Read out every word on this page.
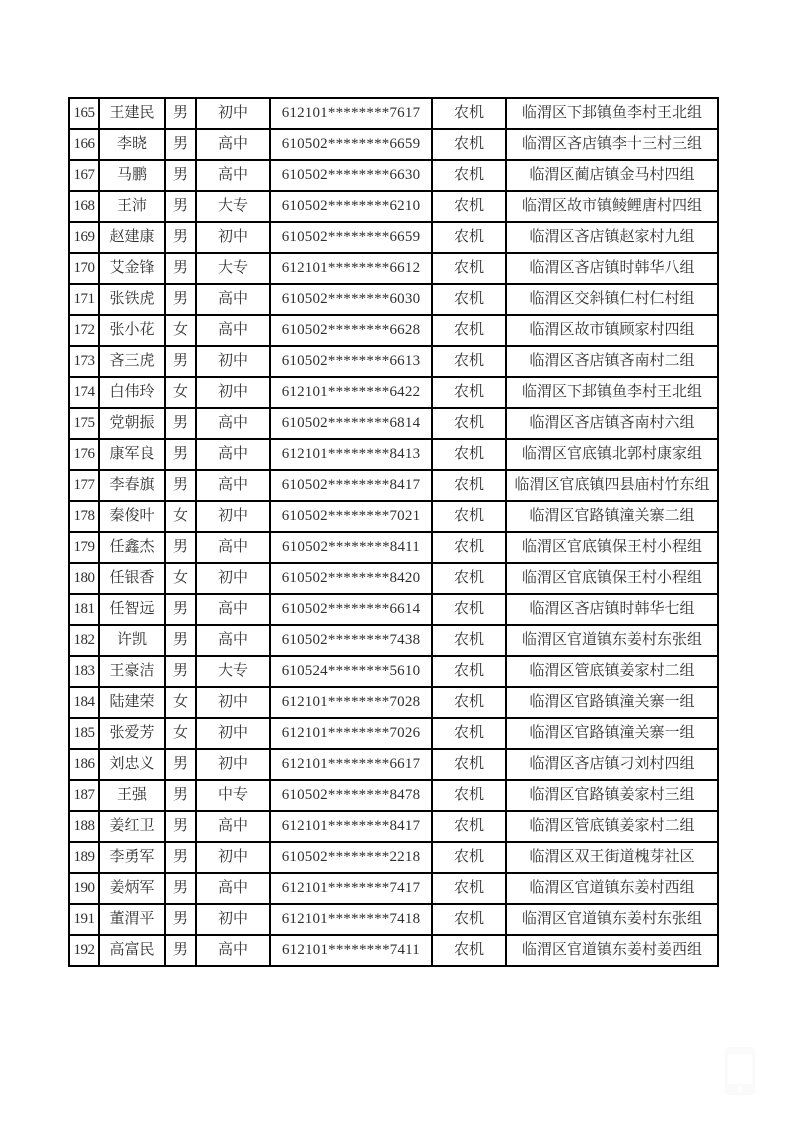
165	王建民	男	初中	612101********7617	农机	临渭区下邽镇鱼李村王北组
166	李晓	男	高中	610502********6659	农机	临渭区吝店镇李十三村三组
167	马鹏	男	高中	610502********6630	农机	临渭区蔺店镇金马村四组
168	王沛	男	大专	610502********6210	农机	临渭区故市镇鲮鲤唐村四组
169	赵建康	男	初中	610502********6659	农机	临渭区吝店镇赵家村九组
170	艾金锋	男	大专	612101********6612	农机	临渭区吝店镇时韩华八组
171	张铁虎	男	高中	610502********6030	农机	临渭区交斜镇仁村仁村组
172	张小花	女	高中	610502********6628	农机	临渭区故市镇顾家村四组
173	吝三虎	男	初中	610502********6613	农机	临渭区吝店镇吝南村二组
174	白伟玲	女	初中	612101********6422	农机	临渭区下邽镇鱼李村王北组
175	党朝振	男	高中	610502********6814	农机	临渭区吝店镇吝南村六组
176	康军良	男	高中	612101********8413	农机	临渭区官底镇北郭村康家组
177	李春旗	男	高中	610502********8417	农机	临渭区官底镇四县庙村竹东组
178	秦俊叶	女	初中	610502********7021	农机	临渭区官路镇潼关寨二组
179	任鑫杰	男	高中	610502********8411	农机	临渭区官底镇保王村小程组
180	任银香	女	初中	610502********8420	农机	临渭区官底镇保王村小程组
181	任智远	男	高中	610502********6614	农机	临渭区吝店镇时韩华七组
182	许凯	男	高中	610502********7438	农机	临渭区官道镇东姜村东张组
183	王豪洁	男	大专	610524********5610	农机	临渭区管底镇姜家村二组
184	陆建荣	女	初中	612101********7028	农机	临渭区官路镇潼关寨一组
185	张爱芳	女	初中	612101********7026	农机	临渭区官路镇潼关寨一组
186	刘忠义	男	初中	612101********6617	农机	临渭区吝店镇刁刘村四组
187	王强	男	中专	610502********8478	农机	临渭区官路镇姜家村三组
188	姜红卫	男	高中	612101********8417	农机	临渭区管底镇姜家村二组
189	李勇军	男	初中	610502********2218	农机	临渭区双王街道槐芽社区
190	姜炳军	男	高中	612101********7417	农机	临渭区官道镇东姜村西组
191	董渭平	男	初中	612101********7418	农机	临渭区官道镇东姜村东张组
192	高富民	男	高中	612101********7411	农机	临渭区官道镇东姜村姜西组
